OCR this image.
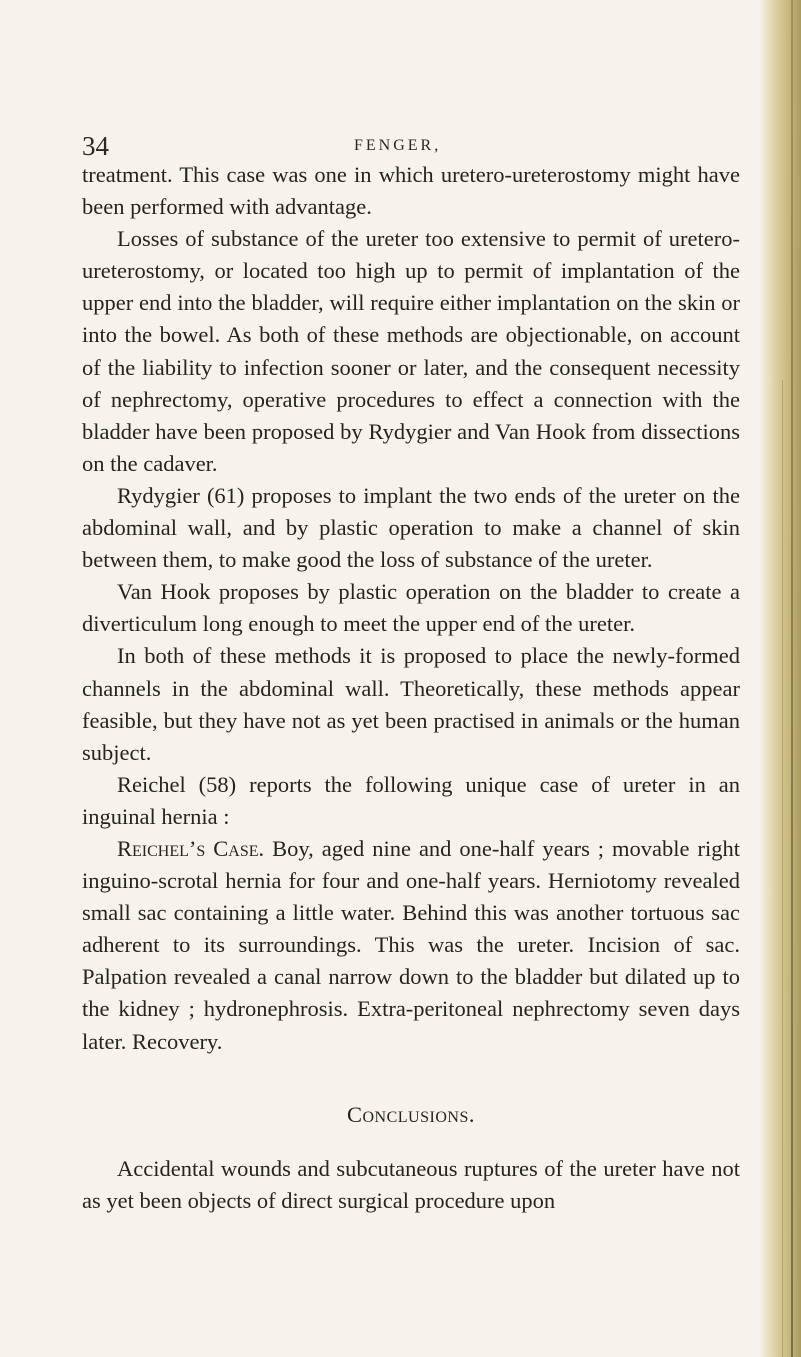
34	FENGER,

treatment. This case was one in which uretero-ureterostomy might have been performed with advantage.

Losses of substance of the ureter too extensive to permit of uretero-ureterostomy, or located too high up to permit of implantation of the upper end into the bladder, will require either implantation on the skin or into the bowel. As both of these methods are objectionable, on account of the liability to infection sooner or later, and the consequent necessity of nephrectomy, operative procedures to effect a connection with the bladder have been proposed by Rydygier and Van Hook from dissections on the cadaver.

Rydygier (61) proposes to implant the two ends of the ureter on the abdominal wall, and by plastic operation to make a channel of skin between them, to make good the loss of substance of the ureter.

Van Hook proposes by plastic operation on the bladder to create a diverticulum long enough to meet the upper end of the ureter.

In both of these methods it is proposed to place the newly-formed channels in the abdominal wall. Theoretically, these methods appear feasible, but they have not as yet been practised in animals or the human subject.

Reichel (58) reports the following unique case of ureter in an inguinal hernia :

Reichel’s Case. Boy, aged nine and one-half years ; movable right inguino-scrotal hernia for four and one-half years. Herniotomy revealed small sac containing a little water. Behind this was another tortuous sac adherent to its surroundings. This was the ureter. Incision of sac. Palpation revealed a canal narrow down to the bladder but dilated up to the kidney ; hydronephrosis. Extra-peritoneal nephrectomy seven days later. Recovery.

Conclusions.

Accidental wounds and subcutaneous ruptures of the ureter have not as yet been objects of direct surgical procedure upon
